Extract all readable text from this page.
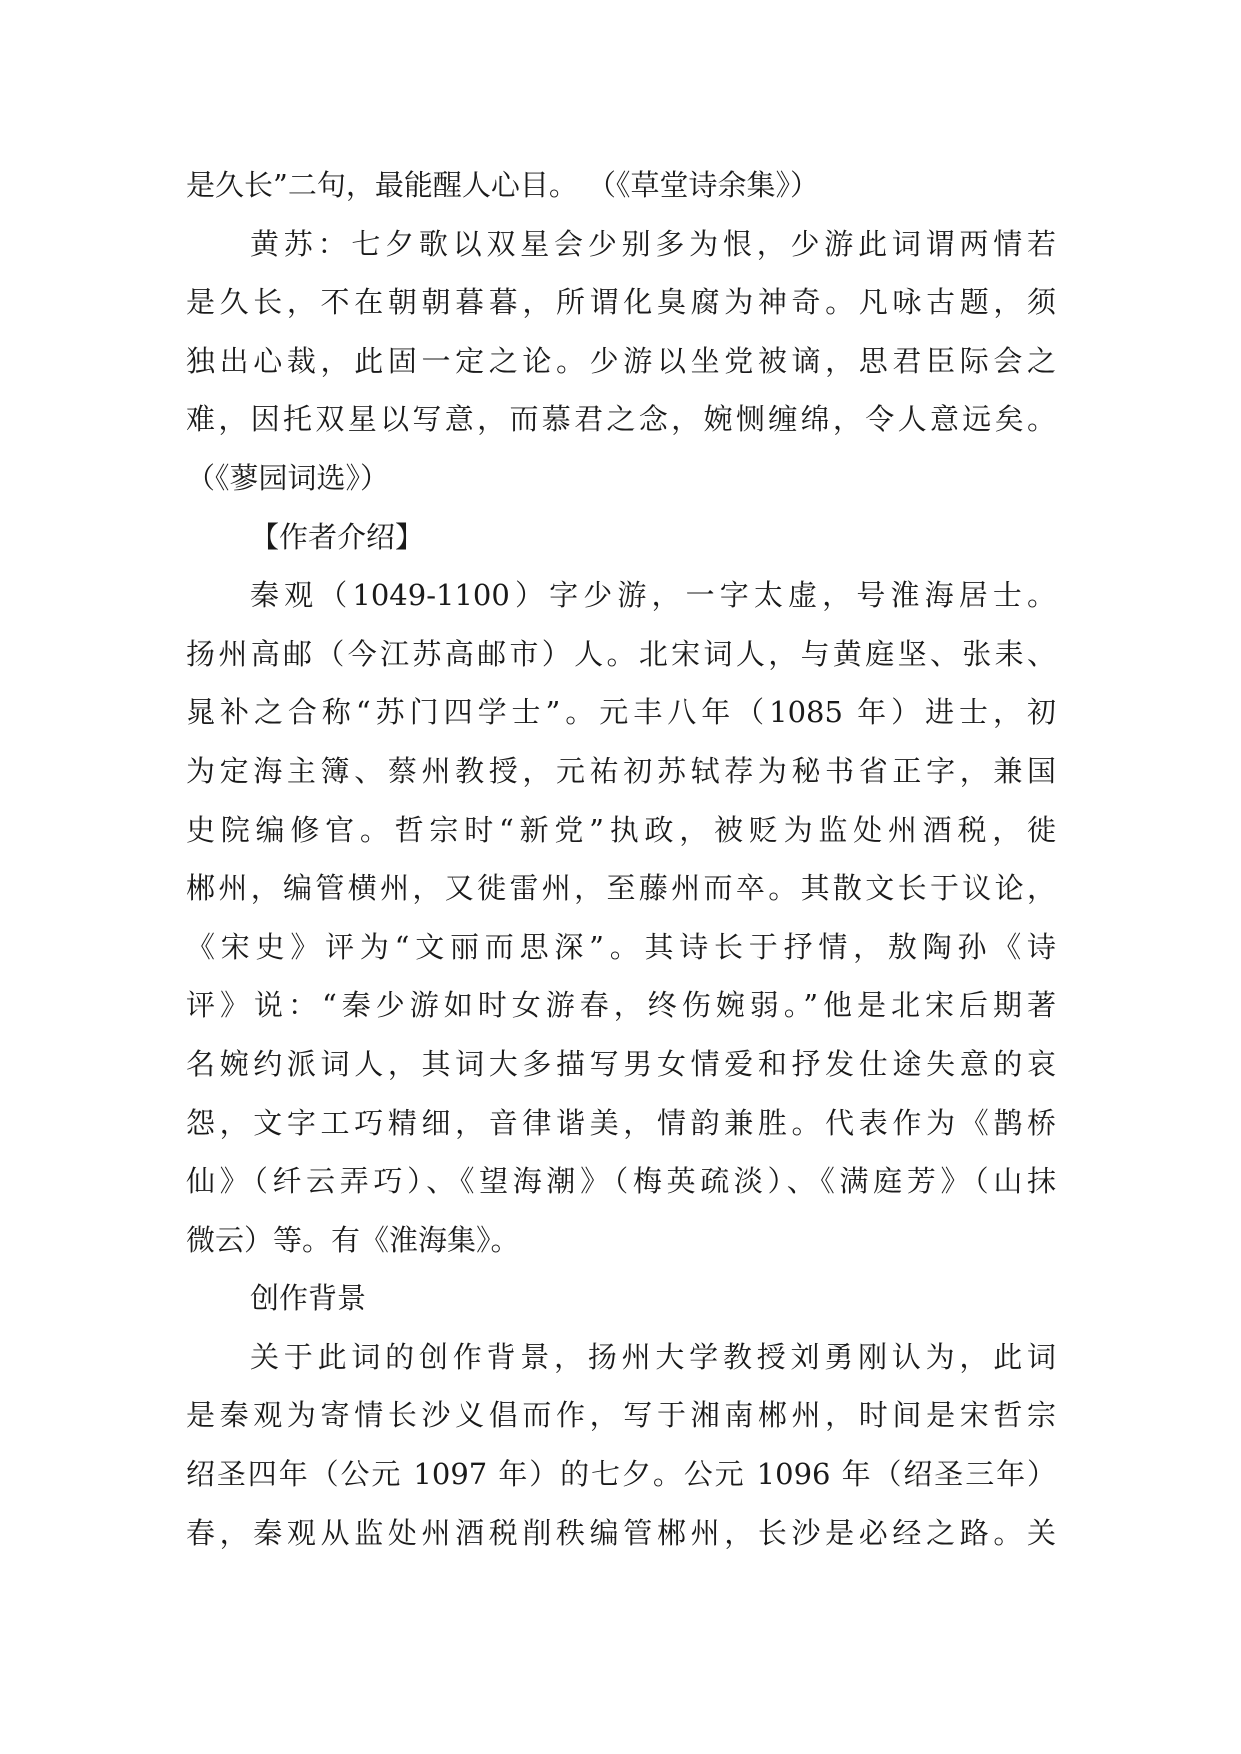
是久长”二句，最能醒人心目。 （《草堂诗余集》）
黄苏：七夕歌以双星会少别多为恨，少游此词谓两情若
是久长，不在朝朝暮暮，所谓化臭腐为神奇。凡咏古题，须
独出心裁，此固一定之论。少游以坐党被谪，思君臣际会之
难，因托双星以写意，而慕君之念，婉恻缠绵，令人意远矣。
（《蓼园词选》）
【作者介绍】
秦观（1049-1100）字少游，一字太虚，号淮海居士。
扬州高邮（今江苏高邮市）人。北宋词人，与黄庭坚、张耒、
晁补之合称“苏门四学士”。元丰八年（1085 年）进士，初
为定海主簿、蔡州教授，元祐初苏轼荐为秘书省正字，兼国
史院编修官。哲宗时“新党”执政，被贬为监处州酒税，徙
郴州，编管横州，又徙雷州，至藤州而卒。其散文长于议论，
《宋史》评为“文丽而思深”。其诗长于抒情，敖陶孙《诗
评》说：“秦少游如时女游春，终伤婉弱。”他是北宋后期著
名婉约派词人，其词大多描写男女情爱和抒发仕途失意的哀
怨，文字工巧精细，音律谐美，情韵兼胜。代表作为《鹊桥
仙》（纤云弄巧）、《望海潮》（梅英疏淡）、《满庭芳》（山抹
微云）等。有《淮海集》。
创作背景
关于此词的创作背景，扬州大学教授刘勇刚认为，此词
是秦观为寄情长沙义倡而作，写于湘南郴州，时间是宋哲宗
绍圣四年（公元 1097 年）的七夕。公元 1096 年（绍圣三年）
春，秦观从监处州酒税削秩编管郴州，长沙是必经之路。关
